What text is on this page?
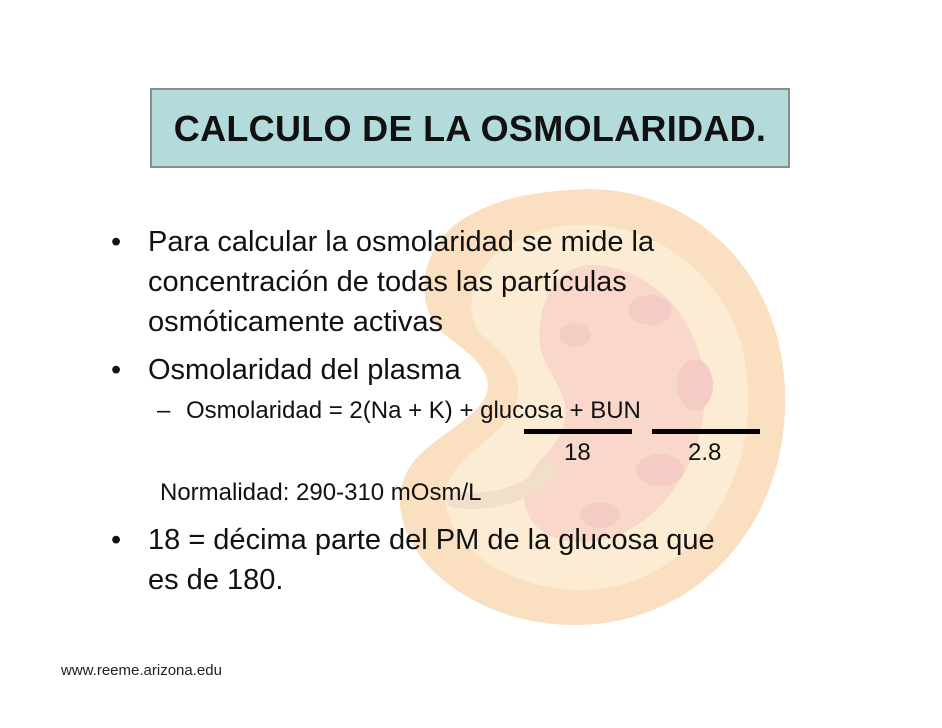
CALCULO DE LA OSMOLARIDAD.
• Para calcular la osmolaridad se mide la
concentración de todas las partículas
osmóticamente activas
• Osmolaridad del plasma
– Osmolaridad = 2(Na + K) + glucosa + BUN
18	2.8
Normalidad: 290-310 mOsm/L
• 18 = décima parte del PM de la glucosa que
es de 180.
www.reeme.arizona.edu
